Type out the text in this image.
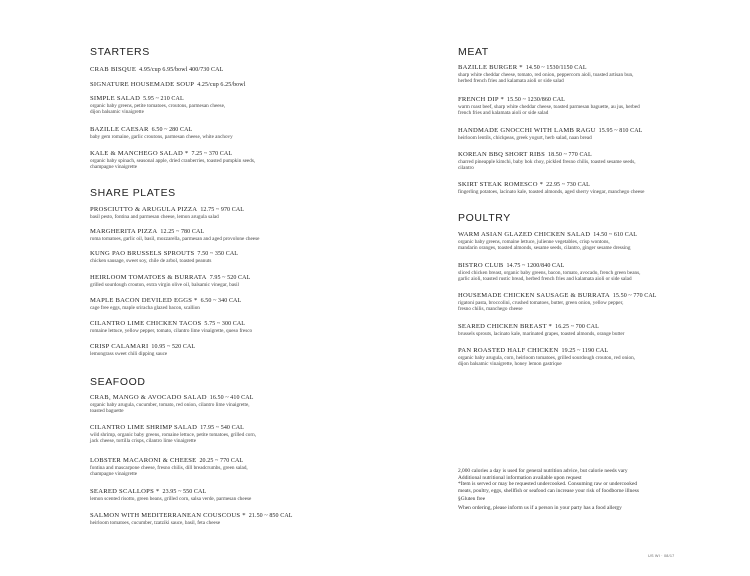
STARTERS
CRAB BISQUE 4.95/cup 6.95/bowl 400/730 CAL
SIGNATURE HOUSEMADE SOUP 4.25/cup 6.25/bowl
SIMPLE SALAD 5.95 ~ 210 CAL
organic baby greens, petite tomatoes, croutons, parmesan cheese,
dijon balsamic vinaigrette
BAZILLE CAESAR 6.50 ~ 280 CAL
baby gem romaine, garlic croutons, parmesan cheese, white anchovy
KALE & MANCHEGO SALAD * 7.25 ~ 370 CAL
organic baby spinach, seasonal apple, dried cranberries, toasted pumpkin seeds,
champagne vinaigrette
SHARE PLATES
PROSCIUTTO & ARUGULA PIZZA 12.75 ~ 970 CAL
basil pesto, fontina and parmesan cheese, lemon arugula salad
MARGHERITA PIZZA 12.25 ~ 780 CAL
roma tomatoes, garlic oil, basil, mozzarella, parmesan and aged provolone cheese
KUNG PAO BRUSSELS SPROUTS 7.50 ~ 350 CAL
chicken sausage, sweet soy, chile de arbol, toasted peanuts
HEIRLOOM TOMATOES & BURRATA 7.95 ~ 520 CAL
grilled sourdough crouton, extra virgin olive oil, balsamic vinegar, basil
MAPLE BACON DEVILED EGGS * 6.50 ~ 340 CAL
cage free eggs, maple sriracha glazed bacon, scallion
CILANTRO LIME CHICKEN TACOS 5.75 ~ 300 CAL
romaine lettuce, yellow pepper, tomato, cilantro lime vinaigrette, queso fresco
CRISP CALAMARI 10.95 ~ 520 CAL
lemongrass sweet chili dipping sauce
SEAFOOD
CRAB, MANGO & AVOCADO SALAD 16.50 ~ 410 CAL
organic baby arugula, cucumber, tomato, red onion, cilantro lime vinaigrette,
toasted baguette
CILANTRO LIME SHRIMP SALAD 17.95 ~ 540 CAL
wild shrimp, organic baby greens, romaine lettuce, petite tomatoes, grilled corn,
jack cheese, tortilla crisps, cilantro lime vinaigrette
LOBSTER MACARONI & CHEESE 20.25 ~ 770 CAL
fontina and mascarpone cheese, fresno chilis, dill breadcrumbs, green salad,
champagne vinaigrette
SEARED SCALLOPS * 23.95 ~ 550 CAL
lemon scented risotto, green beans, grilled corn, salsa verde, parmesan cheese
SALMON WITH MEDITERRANEAN COUSCOUS * 21.50 ~ 850 CAL
heirloom tomatoes, cucumber, tzatziki sauce, basil, feta cheese
MEAT
BAZILLE BURGER * 14.50 ~ 1530/1150 CAL
sharp white cheddar cheese, tomato, red onion, peppercorn aioli, toasted artisan bun,
herbed french fries and kalamata aioli or side salad
FRENCH DIP * 15.50 ~ 1230/860 CAL
warm roast beef, sharp white cheddar cheese, toasted parmesan baguette, au jus, herbed
french fries and kalamata aioli or side salad
HANDMADE GNOCCHI WITH LAMB RAGU 15.95 ~ 810 CAL
heirloom lentils, chickpeas, greek yogurt, herb salad, naan bread
KOREAN BBQ SHORT RIBS 18.50 ~ 770 CAL
charred pineapple kimchi, baby bok choy, pickled fresno chilis, toasted sesame seeds,
cilantro
SKIRT STEAK ROMESCO * 22.95 ~ 730 CAL
fingerling potatoes, lacinato kale, toasted almonds, aged sherry vinegar, manchego cheese
POULTRY
WARM ASIAN GLAZED CHICKEN SALAD 14.50 ~ 610 CAL
organic baby greens, romaine lettuce, julienne vegetables, crisp wontons,
mandarin oranges, toasted almonds, sesame seeds, cilantro, ginger sesame dressing
BISTRO CLUB 14.75 ~ 1200/840 CAL
sliced chicken breast, organic baby greens, bacon, tomato, avocado, french green beans,
garlic aioli, toasted rustic bread, herbed french fries and kalamata aioli or side salad
HOUSEMADE CHICKEN SAUSAGE & BURRATA 15.50 ~ 770 CAL
rigatoni pasta, broccolini, crushed tomatoes, butter, green onion, yellow pepper,
fresno chilis, manchego cheese
SEARED CHICKEN BREAST * 16.25 ~ 700 CAL
brussels sprouts, lacinato kale, marinated grapes, toasted almonds, orange butter
PAN ROASTED HALF CHICKEN 19.25 ~ 1190 CAL
organic baby arugula, corn, heirloom tomatoes, grilled sourdough crouton, red onion,
dijon balsamic vinaigrette, honey lemon gastrique
2,000 calories a day is used for general nutrition advice, but calorie needs vary
Additional nutritional information available upon request
*Item is served or may be requested undercooked. Consuming raw or undercooked
meats, poultry, eggs, shellfish or seafood can increase your risk of foodborne illness
§Gluten free
When ordering, please inform us if a person in your party has a food allergy
US WI · 08/17
